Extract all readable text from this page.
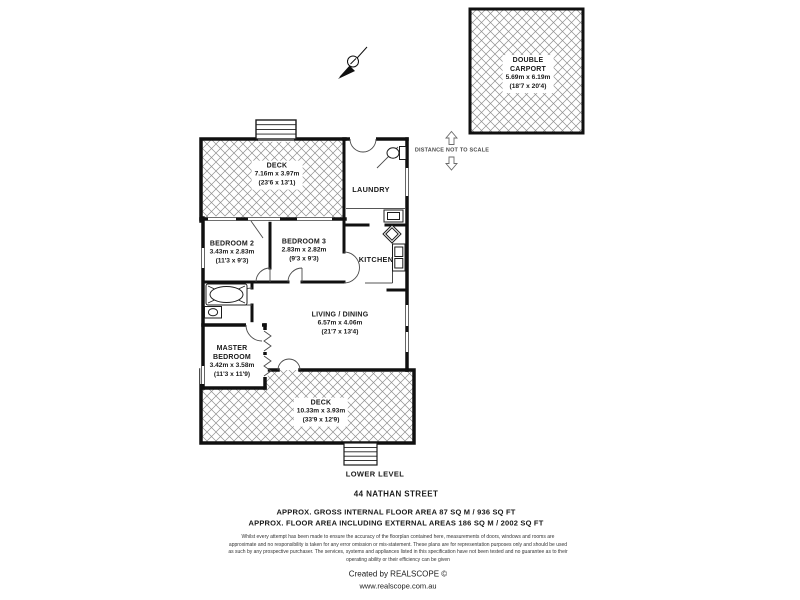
DOUBLE
CARPORT
5.69m x 6.19m
(18'7 x 20'4)
DISTANCE NOT TO SCALE
DECK
7.16m x 3.97m
(23'6 x 13'1)
LAUNDRY
BEDROOM 2
3.43m x 2.83m
(11'3 x 9'3)
BEDROOM 3
2.83m x 2.82m
(9'3 x 9'3)	KITCHEN
LIVING / DINING
6.57m x 4.06m
(21'7 x 13'4)
MASTER
BEDROOM
3.42m x 3.58m
(11'3 x 11'9)
DECK
10.33m x 3.93m
(33'9 x 12'9)
LOWER LEVEL
44 NATHAN STREET
APPROX. GROSS INTERNAL FLOOR AREA 87 SQ M / 936 SQ FT
APPROX. FLOOR AREA INCLUDING EXTERNAL AREAS 186 SQ M / 2002 SQ FT
Whilst every attempt has been made to ensure the accuracy of the floorplan contained here, measurements of doors, windows and rooms are approximate and no responsibility is taken for any error omission or mis-statement. These plans are for representation purposes only and should be used as such by any prospective purchaser. The services, systems and appliances listed in this specification have not been tested and no guarantee as to their operating ability or their efficiency can be given
Created by REALSCOPE ©
www.realscope.com.au
